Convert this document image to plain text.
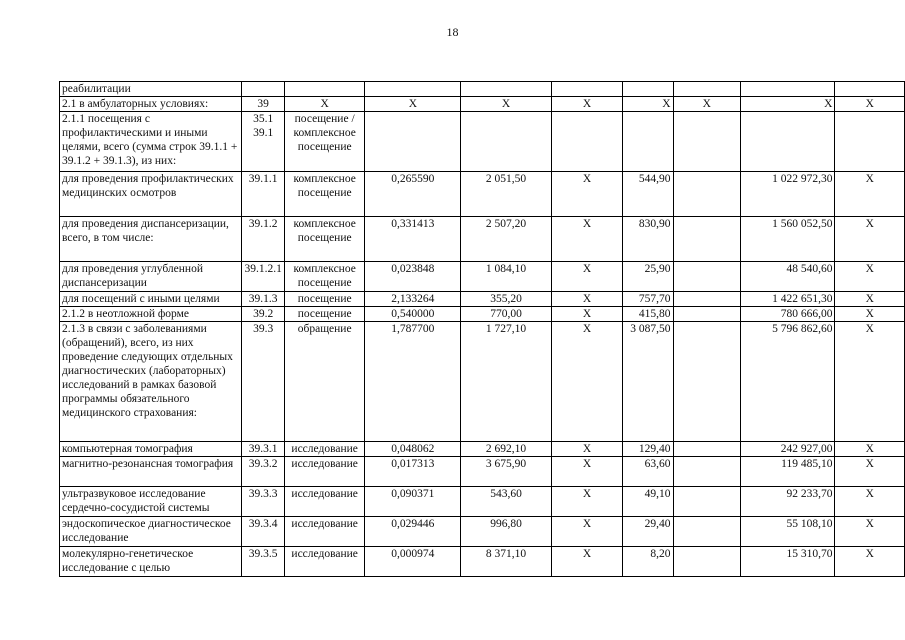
18
реабилитации									
2.1 в амбулаторных условиях:	39	X	X	X	X	X	X	X	X
2.1.1 посещения с профилактическими и иными целями, всего (сумма строк 39.1.1 + 39.1.2 + 39.1.3), из них:	35.1 39.1	посещение / комплексное посещение							
для проведения профилактических медицинских осмотров	39.1.1	комплексное посещение	0,265590	2 051,50	X	544,90		1 022 972,30	X
для проведения диспансеризации, всего, в том числе:	39.1.2	комплексное посещение	0,331413	2 507,20	X	830,90		1 560 052,50	X
для проведения углубленной диспансеризации	39.1.2.1	комплексное посещение	0,023848	1 084,10	X	25,90		48 540,60	X
для посещений с иными целями	39.1.3	посещение	2,133264	355,20	X	757,70		1 422 651,30	X
2.1.2 в неотложной форме	39.2	посещение	0,540000	770,00	X	415,80		780 666,00	X
2.1.3 в связи с заболеваниями (обращений), всего, из них проведение следующих отдельных диагностических (лабораторных) исследований в рамках базовой программы обязательного медицинского страхования:	39.3	обращение	1,787700	1 727,10	X	3 087,50		5 796 862,60	X
компьютерная томография	39.3.1	исследование	0,048062	2 692,10	X	129,40		242 927,00	X
магнитно-резонансная томография	39.3.2	исследование	0,017313	3 675,90	X	63,60		119 485,10	X
ультразвуковое исследование сердечно-сосудистой системы	39.3.3	исследование	0,090371	543,60	X	49,10		92 233,70	X
эндоскопическое диагностическое исследование	39.3.4	исследование	0,029446	996,80	X	29,40		55 108,10	X
молекулярно-генетическое исследование с целью	39.3.5	исследование	0,000974	8 371,10	X	8,20		15 310,70	X
